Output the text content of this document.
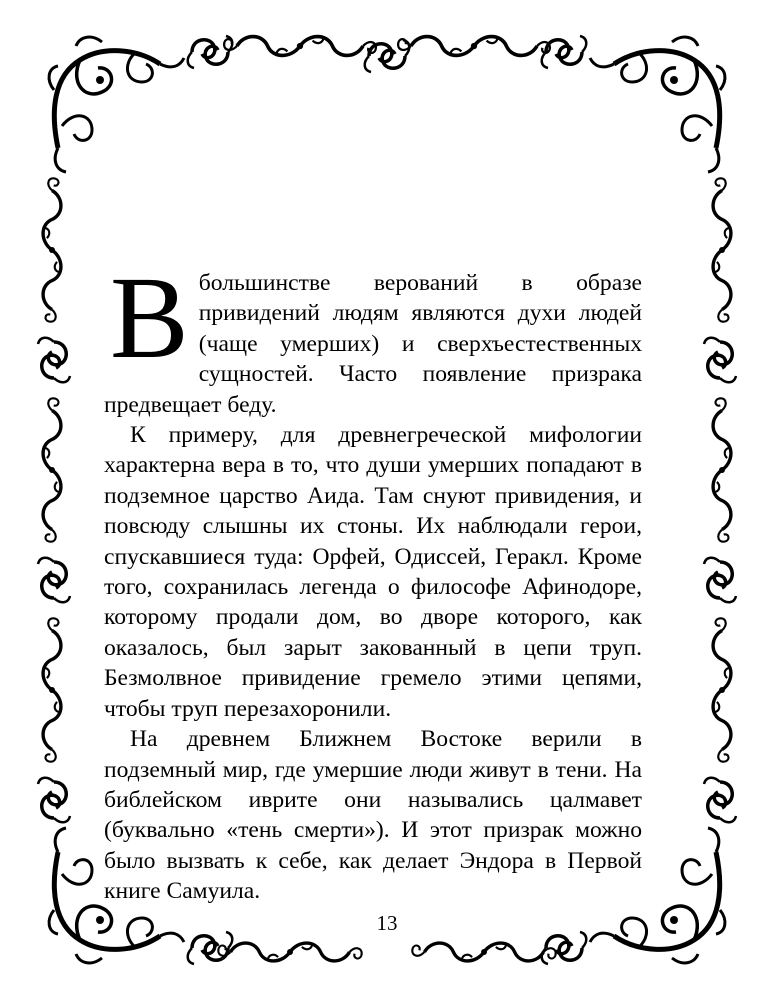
Вбольшинстве верований в образе привидений людям являются духи людей (чаще умерших) и сверхъестественных сущностей. Часто появление призрака предвещает беду.

К примеру, для древнегреческой мифологии характерна вера в то, что души умерших попадают в подземное царство Аида. Там снуют привидения, и повсюду слышны их стоны. Их наблюдали герои, спускавшиеся туда: Орфей, Одиссей, Геракл. Кроме того, сохранилась легенда о философе Афинодоре, которому продали дом, во дворе которого, как оказалось, был зарыт закованный в цепи труп. Безмолвное привидение гремело этими цепями, чтобы труп перезахоронили.

На древнем Ближнем Востоке верили в подземный мир, где умершие люди живут в тени. На библейском иврите они назывались цалмавет (буквально «тень смерти»). И этот призрак можно было вызвать к себе, как делает Эндора в Первой книге Самуила.

13
